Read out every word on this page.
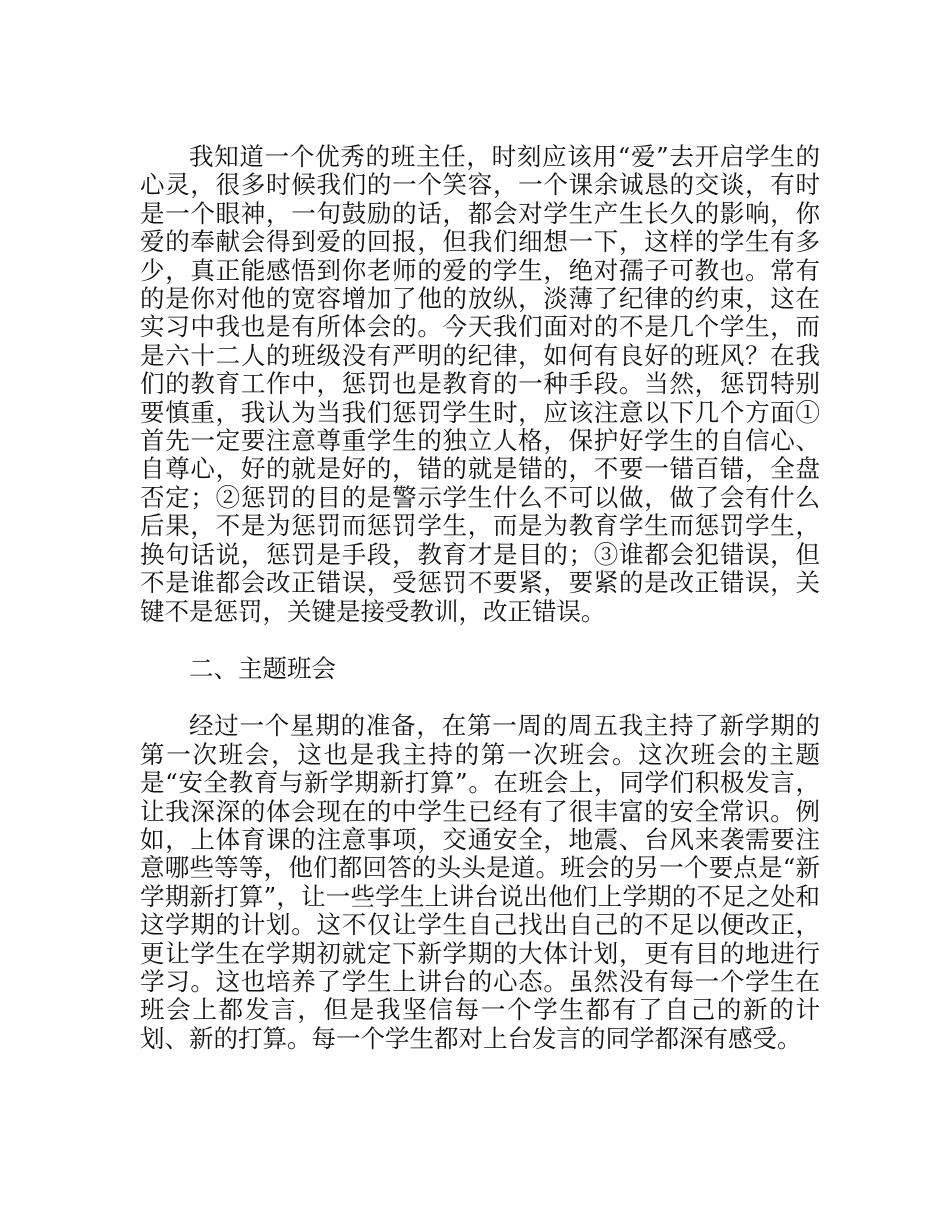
我知道一个优秀的班主任，时刻应该用“爱”去开启学生的心灵，很多时候我们的一个笑容，一个课余诚恳的交谈，有时是一个眼神，一句鼓励的话，都会对学生产生长久的影响，你爱的奉献会得到爱的回报，但我们细想一下，这样的学生有多少，真正能感悟到你老师的爱的学生，绝对孺子可教也。常有的是你对他的宽容增加了他的放纵，淡薄了纪律的约束，这在实习中我也是有所体会的。今天我们面对的不是几个学生，而是六十二人的班级没有严明的纪律，如何有良好的班风？在我们的教育工作中，惩罚也是教育的一种手段。当然，惩罚特别要慎重，我认为当我们惩罚学生时，应该注意以下几个方面①首先一定要注意尊重学生的独立人格，保护好学生的自信心、自尊心，好的就是好的，错的就是错的，不要一错百错，全盘否定；②惩罚的目的是警示学生什么不可以做，做了会有什么后果，不是为惩罚而惩罚学生，而是为教育学生而惩罚学生，换句话说，惩罚是手段，教育才是目的；③谁都会犯错误，但不是谁都会改正错误，受惩罚不要紧，要紧的是改正错误，关键不是惩罚，关键是接受教训，改正错误。

二、主题班会

经过一个星期的准备，在第一周的周五我主持了新学期的第一次班会，这也是我主持的第一次班会。这次班会的主题是“安全教育与新学期新打算”。在班会上，同学们积极发言，让我深深的体会现在的中学生已经有了很丰富的安全常识。例如，上体育课的注意事项，交通安全，地震、台风来袭需要注意哪些等等，他们都回答的头头是道。班会的另一个要点是“新学期新打算”，让一些学生上讲台说出他们上学期的不足之处和这学期的计划。这不仅让学生自己找出自己的不足以便改正，更让学生在学期初就定下新学期的大体计划，更有目的地进行学习。这也培养了学生上讲台的心态。虽然没有每一个学生在班会上都发言，但是我坚信每一个学生都有了自己的新的计划、新的打算。每一个学生都对上台发言的同学都深有感受。
